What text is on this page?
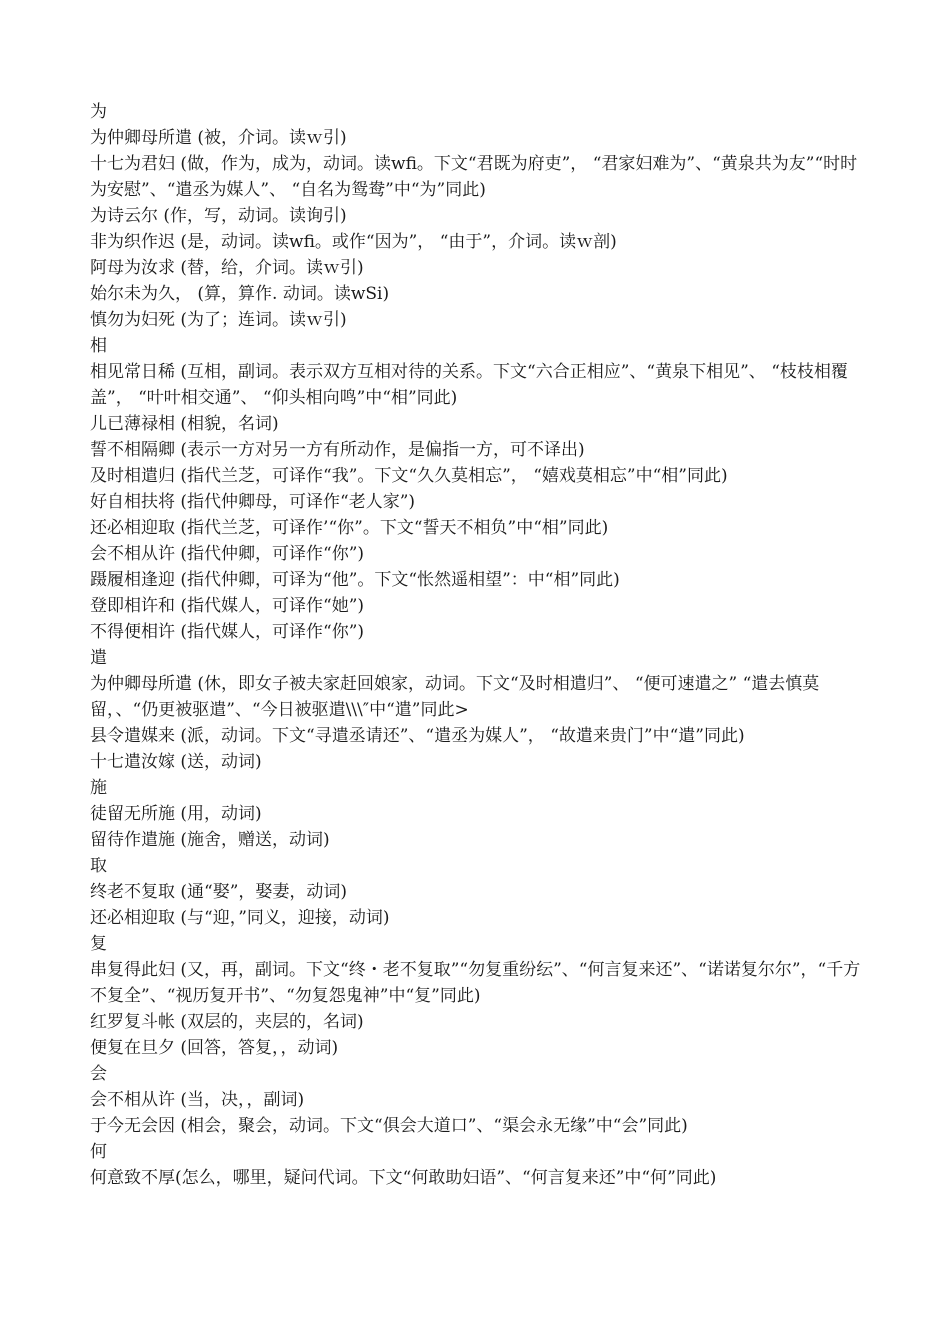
为
为仲卿母所遣 (被，介词。读ｗ引)
十七为君妇 (做，作为，成为，动词。读wfi。下文“君既为府吏”， “君家妇难为”、“黄泉共为友”“时时为安慰”、“遣丞为媒人”、 “自名为鸳鸯”中“为”同此)
为诗云尔 (作，写，动词。读询引)
非为织作迟 (是，动词。读wfi。或作“因为”， “由于”，介词。读ｗ剖)
阿母为汝求 (替，给，介词。读ｗ引)
始尔未为久， (算，算作. 动词。读wSi)
慎勿为妇死 (为了；连词。读ｗ引)
相
相见常日稀 (互相，副词。表示双方互相对待的关系。下文“六合正相应”、“黄泉下相见”、 “枝枝相覆盖”， “叶叶相交通”、 “仰头相向鸣”中“相”同此)
儿已薄禄相 (相貌，名词)
誓不相隔卿 (表示一方对另一方有所动作，是偏指一方，可不译出)
及时相遣归 (指代兰芝，可译作“我”。下文“久久莫相忘”， “嬉戏莫相忘”中“相”同此)
好自相扶将 (指代仲卿母，可译作“老人家”)
还必相迎取 (指代兰芝，可译作’“你”。下文“誓天不相负”中“相”同此)
会不相从许 (指代仲卿，可译作“你”)
蹑履相逢迎 (指代仲卿，可译为“他”。下文“怅然遥相望”：中“相”同此)
登即相许和 (指代媒人，可译作“她”)
不得便相许 (指代媒人，可译作“你”)
遣
为仲卿母所遣 (休，即女子被夫家赶回娘家，动词。下文“及时相遣归”、 “便可速遣之” “遣去慎莫留，、“仍更被驱遣”、“今日被驱遣\\\″中“遣”同此>
县令遣媒来 (派，动词。下文“寻遣丞请还”、“遣丞为媒人”， “故遣来贵门”中“遣”同此)
十七遣汝嫁 (送，动词)
施
徒留无所施 (用，动词)
留待作遣施 (施舍，赠送，动词)
取
终老不复取 (通“娶”，娶妻，动词)
还必相迎取 (与“迎，”同义，迎接，动词)
复
串复得此妇 (又，再，副词。下文“终・老不复取”“勿复重纷纭”、“何言复来还”、“诺诺复尔尔”，“千方不复全”、“视历复开书”、“勿复怨鬼神”中“复”同此)
红罗复斗帐 (双层的，夹层的，名词)
便复在旦夕 (回答，答复，，动词)
会
会不相从许 (当，决，，副词)
于今无会因 (相会，聚会，动词。下文“俱会大道口”、“渠会永无缘”中“会”同此)
何
何意致不厚(怎么，哪里，疑问代词。下文“何敢助妇语”、“何言复来还”中“何”同此)
